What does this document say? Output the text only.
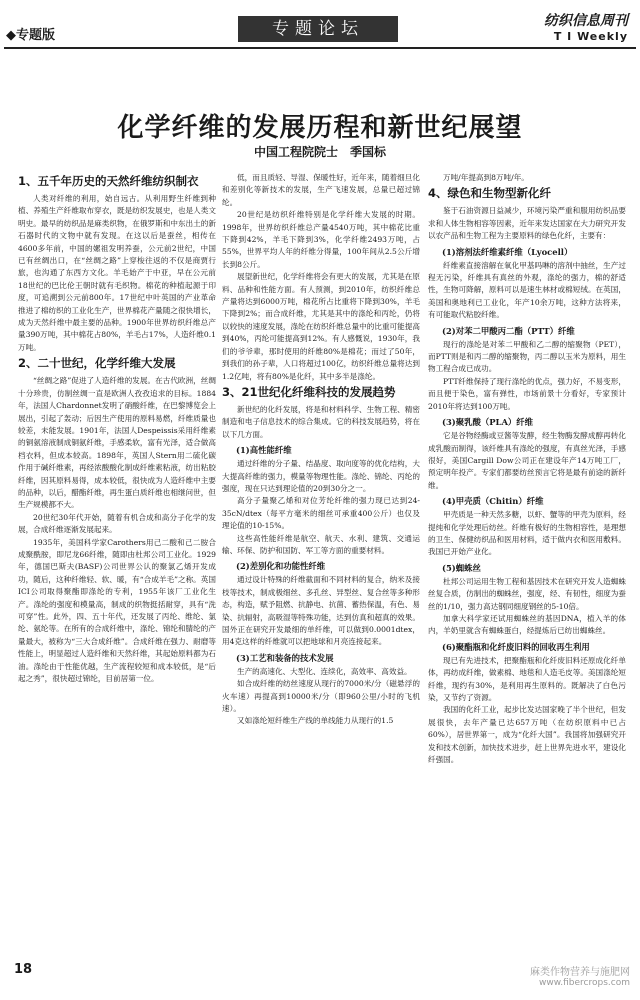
◆专题版	专题论坛	纺织信息周刊
T I Weekly
化学纤维的发展历程和新世纪展望
中国工程院院士　季国标
1、五千年历史的天然纤维纺织制衣

人类对纤维的利用，始自远古。从利用野生纤维到种植、养殖生产纤维取布穿衣，既是纺织发展史，也是人类文明史。最早的纺织品是麻类织物，在俄罗斯和中东出土的新石器时代的文物中就有发现。在这以后是蚕丝，相传在4600多年前，中国的嫘祖发明养蚕，公元前2世纪，中国已有丝绸出口，在“丝绸之路”上穿梭往返的不仅是商贾行旅，也沟通了东西方文化。羊毛始产于中亚，早在公元前18世纪的巴比伦王朝时就有毛织物。棉花的种植起源于印度，可追溯到公元前800年。17世纪中叶英国的产业革命推进了棉纺织的工业化生产，世界棉花产量随之很快增长，成为天然纤维中最主要的品种。1900年世界纺织纤维总产量390万吨，其中棉花占80%，羊毛占17%，人造纤维0.1万吨。

2、二十世纪，化学纤维大发展

“丝绸之路”促进了人造纤维的发展。在古代欧洲，丝绸十分珍贵，仿制丝绸一直是欧洲人孜孜追求的目标。1884年，法国人Chardonnet发明了硝酸纤维，在巴黎博览会上展出，引起了轰动；后因生产使用的原料易燃，纤维质量也较差，未能发展。1901年，法国人Despeissis采用纤维素的铜氨溶液制成铜氨纤维，手感柔软，富有光泽，适合做高档衣料，但成本较高。1898年，英国人Stern用二硫化碳作用于碱纤维素，再经浓酸酸化制成纤维素粘液，纺出粘胶纤维，因其原料易得，成本较低，很快成为人造纤维中主要的品种，以后，醋酯纤维，再生蛋白质纤维也相继问世，但生产规模都不大。

20世纪30年代开始，随着有机合成和高分子化学的发展，合成纤维逐渐发展起来。

1935年，美国科学家Carothers用己二酸和己二胺合成聚酰胺，即尼龙66纤维，随即由杜邦公司工业化。1929年，德国巴斯夫(BASF)公司世界公认的聚氯乙烯开发成功，随后，这种纤维轻、软、暖，有“合成羊毛”之称。英国ICI公司取得聚酯即涤纶的专利，1955年该厂工业化生产。涤纶的强度和模量高，制成的织物挺括耐穿，具有“洗可穿”性。此外，四、五十年代，还发展了丙纶、维纶、氯纶、氨纶等。在所有的合成纤维中，涤纶、锦纶和腈纶的产量最大，被称为“三大合成纤维”。合成纤维在强力、耐磨等性能上，明显超过人造纤维和天然纤维，其起始原料都为石油。涤纶由于性能优越，生产流程较短和成本较低，是“后起之秀”，很快超过锦纶，目前居第一位。

低，而且质轻、导湿、保暖性好，近年来，随着细旦化和差别化等新技术的发展，生产飞速发展，总量已超过锦纶。

20世纪是纺织纤维特别是化学纤维大发展的时期。1998年，世界纺织纤维总产量4540万吨，其中棉花比重下降到42%，羊毛下降到3%，化学纤维2493万吨，占55%，世界平均人年的纤维分得量，100年间从2.5公斤增长到8公斤。

展望新世纪，化学纤维将会有更大的发展，尤其是在原料、品种和性能方面。有人预测，到2010年，纺织纤维总产量将达到6000万吨，棉花所占比重将下降到30%，羊毛下降到2%；而合成纤维，尤其是其中的涤纶和丙纶，仍将以较快的速度发展，涤纶在纺织纤维总量中的比重可能提高到40%，丙纶可能提高到12%。有人感慨说，1930年，我们的爷爷辈，那时使用的纤维80%是棉花；而过了50年，到我们的孙子辈，人口将超过100亿，纺织纤维总量将达到1.2亿吨，将有80%是化纤，其中多半是涤纶。

3、21世纪化纤维科技的发展趋势

新世纪的化纤发展，将是和材料科学、生物工程、精密制造和电子信息技术的综合集成。它的科技发展趋势，将在以下几方面。

(1)高性能纤维

通过纤维的分子量、结晶度、取向度等的优化结构，大大提高纤维的强力，模量等物理性能。涤纶、锦纶、丙纶的强度，现在只达到理论值的20到30分之一。

高分子量聚乙烯和对位芳纶纤维的强力现已达到24-35cN/dtex（每平方毫米的细丝可承重400公斤）也仅及理论值的10-15%。

这些高性能纤维是航空、航天、水利、建筑、交通运输、环保、防护和国防、军工等方面的重要材料。

(2)差别化和功能性纤维

通过设计特殊的纤维截面和不同材料的复合，纳米及接枝等技术，制成极细丝、多孔丝、异型丝、复合丝等多种形态，构造，赋予阻燃、抗静电、抗菌、蓄热保温，有色、易染、抗辐射，高吸湿等特殊功能，达到仿真和超真的效果。国外正在研究开发最细的单纤维，可以做到0.0001dtex，用4克这样的纤维就可以把地球和月亮连接起来。

(3)工艺和装备的技术发展

生产的高速化、大型化、连续化，高效率、高效益。

如合成纤维的纺丝速度从现行的7000米/分（磁悬浮的火车速）再提高到10000米/分（即960公里/小时的飞机速）。

又如涤纶短纤维生产线的单线能力从现行的1.5

万吨/年提高到8万吨/年。

4、绿色和生物型新化纤

鉴于石油资源日益减少，环境污染严重和服用纺织品要求和人体生物相容等因素，近年来发达国家在大力研究开发以农产品和生物工程为主要原料的绿色化纤，主要有：

(1)溶剂法纤维素纤维（Lyocell）

纤维素直接溶解在氧化甲基吗啉的溶剂中抽丝，生产过程无污染，纤维具有真丝的外观，涤纶的强力，棉的舒适性，生物可降解，原料可以是速生林材或棉短绒。在英国，美国和奥地利已工业化，年产10余万吨，这种方法将来，有可能取代粘胶纤维。

(2)对苯二甲酸丙二酯（PTT）纤维

现行的涤纶是对苯二甲酸和乙二醇的缩聚物（PET），而PTT则是和丙二醇的缩聚物，丙二醇以玉米为原料，用生物工程合成已成功。

PTT纤维保持了现行涤纶的优点，强力好，不易变形，而且便于染色，富有弹性，市场前景十分看好，专家预计2010年将达到100万吨。

(3)聚乳酸（PLA）纤维

它是谷物经酶或豆酱等发酵，经生物酶发酵成醇再转化成乳酸而制得，该纤维具有涤纶的强度，有真丝光泽，手感很好，美国Cargill Dow公司正在建设年产14万吨工厂，预定明年投产。专家们都要纺丝预言它将是最有前途的新纤维。

(4)甲壳质（Chitin）纤维

甲壳质是一种天然多糖，以虾、蟹等的甲壳为原料，经提纯和化学处理后纺丝。纤维有极好的生物相容性，是理想的卫生、保健纺织品和医用材料，适于做内衣和医用敷料。我国已开始产业化。

(5)蜘蛛丝

杜邦公司运用生物工程和基因技术在研究开发人造蜘蛛丝复合质，仿制出的蜘蛛丝，强度，经、有韧性，细度为蚕丝的1/10，强力高达钢同细度钢丝的5-10倍。

加拿大科学家还试用蜘蛛丝的基因DNA，植入羊的体内，羊奶里就含有蜘蛛蛋白，经提炼后已纺出蜘蛛丝。

(6)聚酯瓶和化纤废旧料的回收再生利用

现已有先进技术，把聚酯瓶和化纤废旧料还原成化纤单体，再纺成纤维，做素棉、地毯和人造毛皮等。美国涤纶短纤维，现约有30%，是利用再生原料的。既解决了白色污染，又节约了资源。

我国的化纤工业，起步比发达国家晚了半个世纪，但发展很快，去年产量已达657万吨（在纺织原料中已占60%），居世界第一，成为“化纤大国”。我国将加强研究开发和技术创新，加快技术进步，赶上世界先进水平，建设化纤强国。

18	麻类作物营养与施肥网
www.fibercrops.com
